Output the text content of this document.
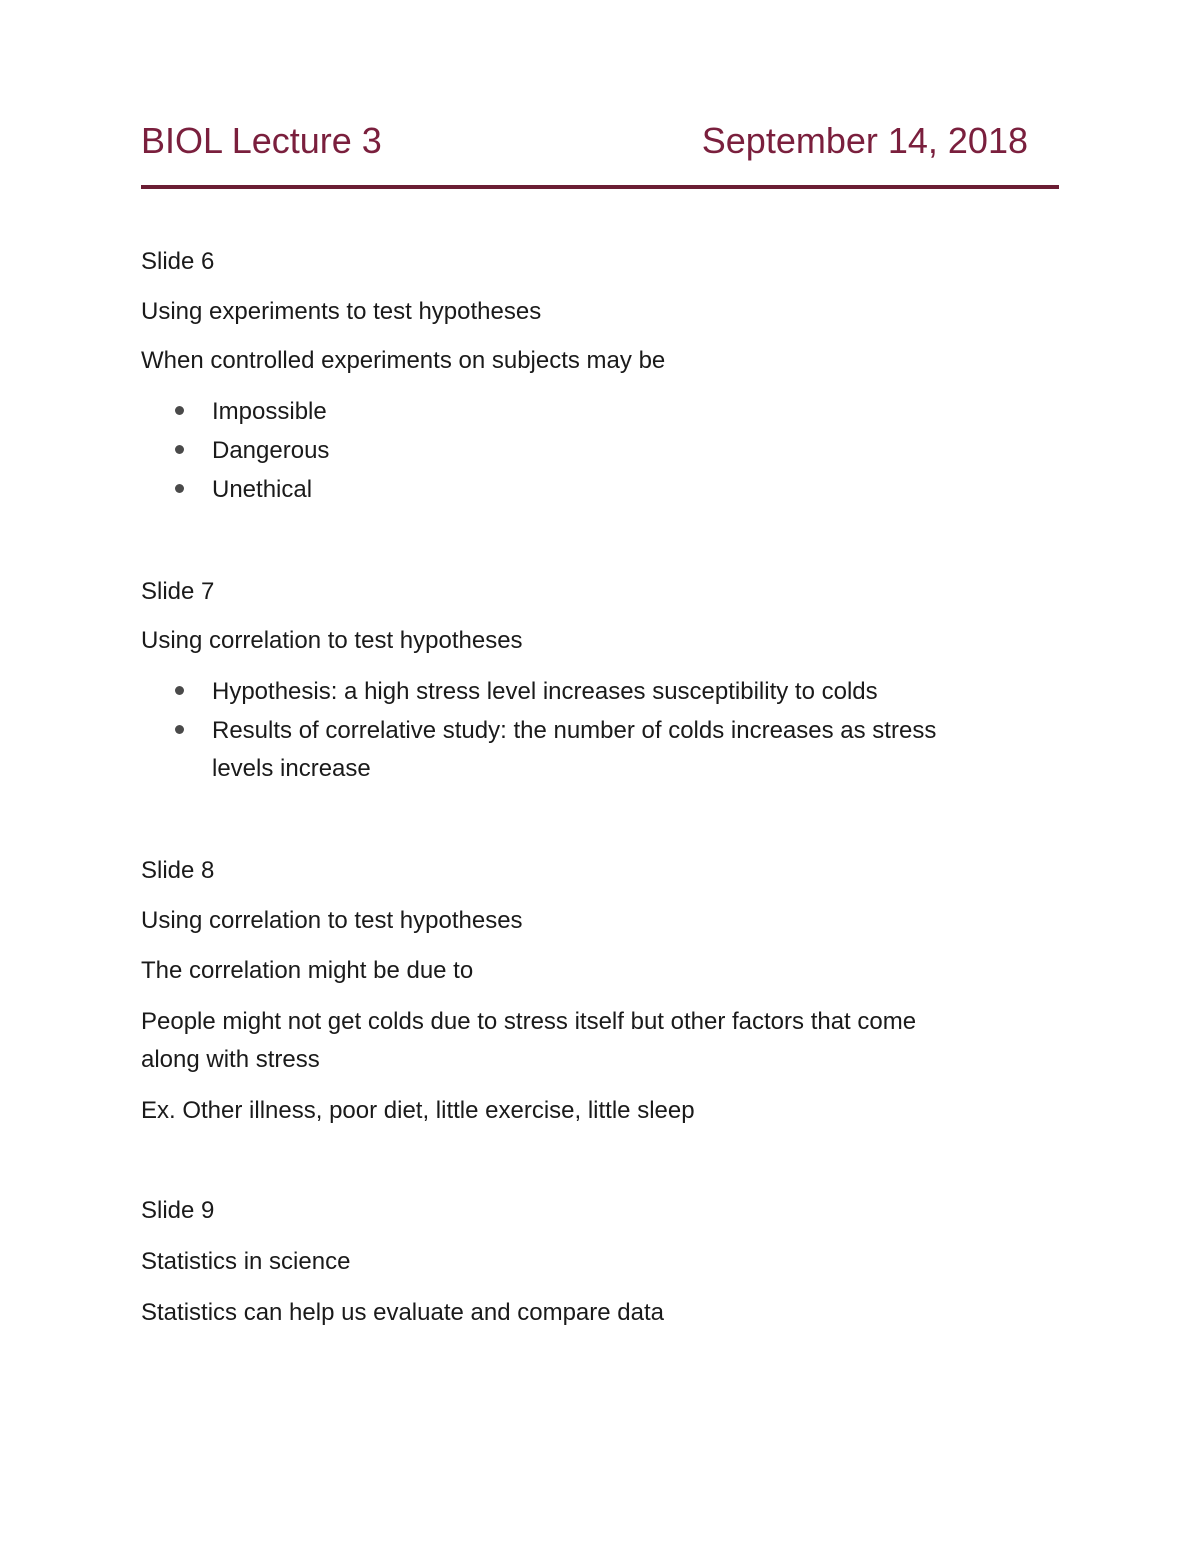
BIOL Lecture 3	September 14, 2018
Slide 6
Using experiments to test hypotheses
When controlled experiments on subjects may be
Impossible
Dangerous
Unethical
Slide 7
Using correlation to test hypotheses
Hypothesis: a high stress level increases susceptibility to colds
Results of correlative study: the number of colds increases as stress
levels increase
Slide 8
Using correlation to test hypotheses
The correlation might be due to
People might not get colds due to stress itself but other factors that come
along with stress
Ex. Other illness, poor diet, little exercise, little sleep
Slide 9
Statistics in science
Statistics can help us evaluate and compare data
